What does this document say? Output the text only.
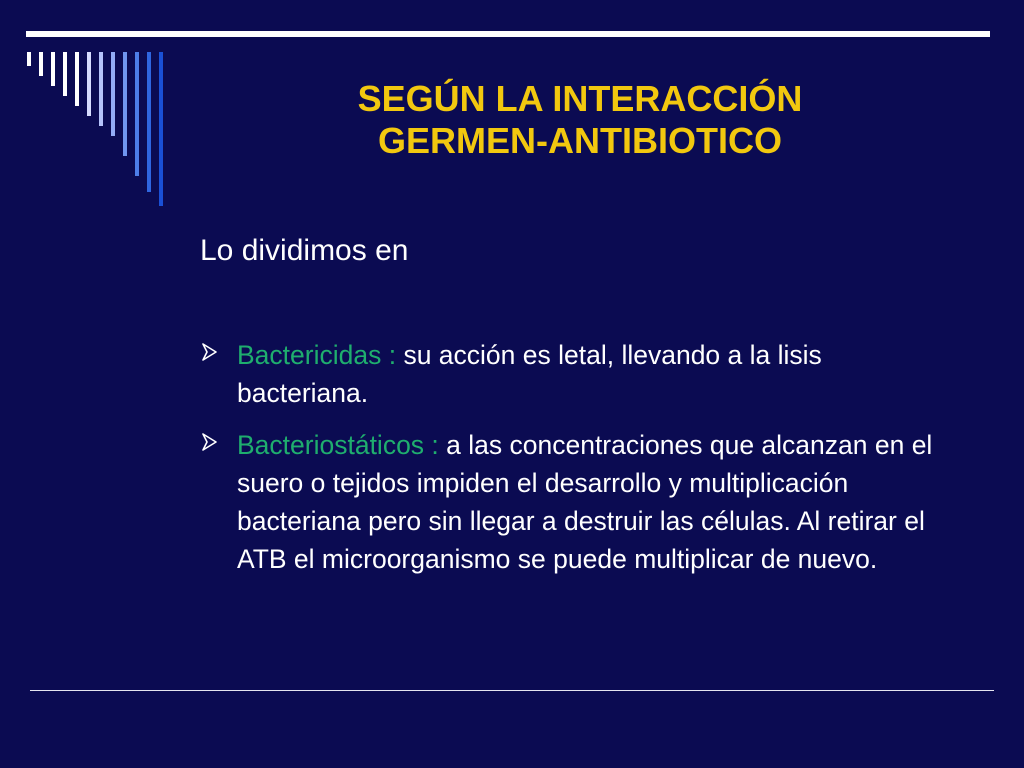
SEGÚN LA INTERACCIÓN
GERMEN-ANTIBIOTICO
Lo dividimos en
Bactericidas : su acción es letal, llevando a la lisis bacteriana.
Bacteriostáticos : a las concentraciones que alcanzan en el suero o tejidos impiden el desarrollo y multiplicación bacteriana pero sin llegar a destruir las células. Al retirar el ATB el microorganismo se puede multiplicar de nuevo.
